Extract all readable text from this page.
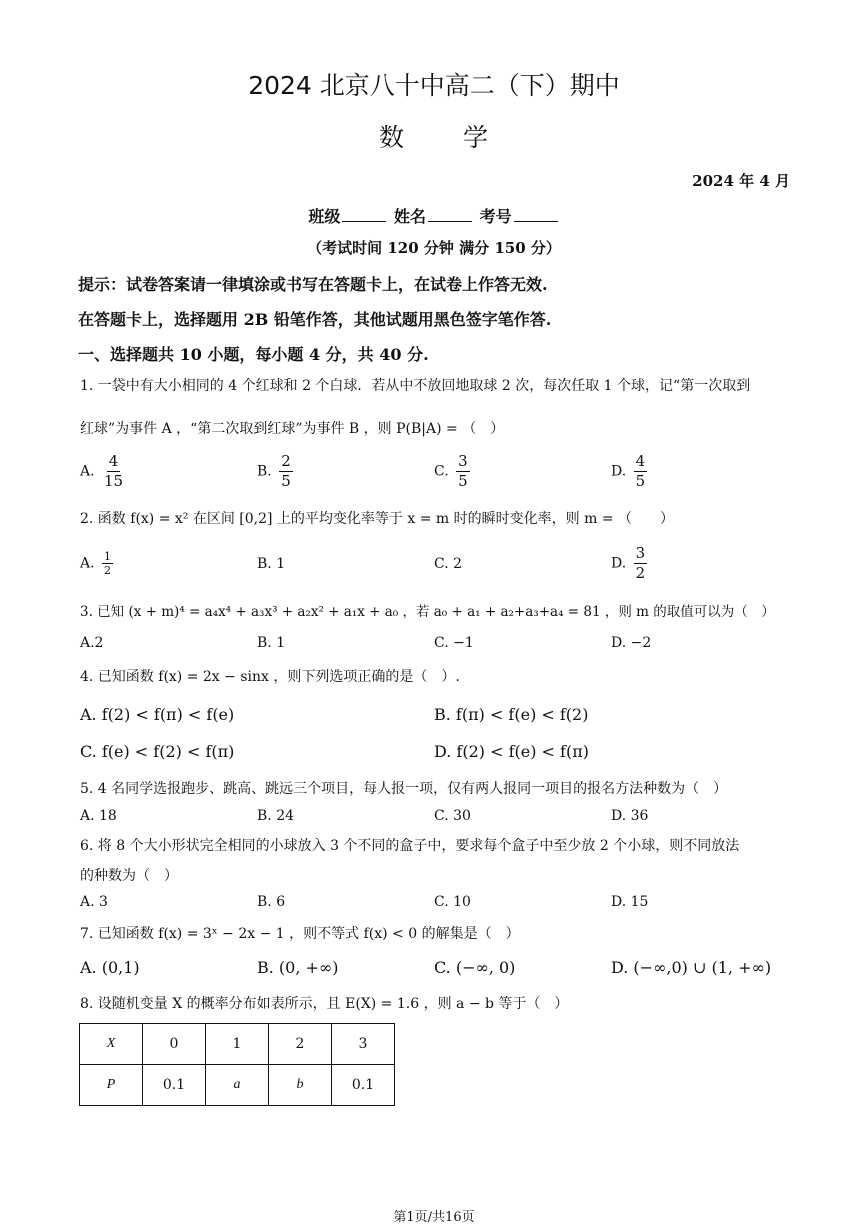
2024 北京八十中高二（下）期中
数 学
2024 年 4 月
班级	姓名	考号
（考试时间 120 分钟 满分 150 分）
提示：试卷答案请一律填涂或书写在答题卡上，在试卷上作答无效.
在答题卡上，选择题用 2B 铅笔作答，其他试题用黑色签字笔作答.
一、选择题共 10 小题，每小题 4 分，共 40 分.
1. 一袋中有大小相同的 4 个红球和 2 个白球．若从中不放回地取球 2 次，每次任取 1 个球，记“第一次取到
红球”为事件 A ，“第二次取到红球”为事件 B ，则 P(B|A) = （　）
A. $\frac{4}{15}$	B. $\frac{2}{5}$	C. $\frac{3}{5}$	D. $\frac{4}{5}$
2. 函数 f(x) = x² 在区间 [0,2] 上的平均变化率等于 x = m 时的瞬时变化率，则 m = （　　）
A. $\frac{1}{2}$	B. 1	C. 2	D. $\frac{3}{2}$
3. 已知 (x + m)⁴ = a₄x⁴ + a₃x³ + a₂x² + a₁x + a₀ ，若 a₀ + a₁ + a₂+a₃+a₄ = 81 ，则 m 的取值可以为（　）
A.2	B. 1	C. −1	D. −2
4. 已知函数 f(x) = 2x − sinx ，则下列选项正确的是（　）.
A. f(2) < f(π) < f(e)	B. f(π) < f(e) < f(2)
C. f(e) < f(2) < f(π)	D. f(2) < f(e) < f(π)
5. 4 名同学选报跑步、跳高、跳远三个项目，每人报一项，仅有两人报同一项目的报名方法种数为（　）
A. 18	B. 24	C. 30	D. 36
6. 将 8 个大小形状完全相同的小球放入 3 个不同的盒子中，要求每个盒子中至少放 2 个小球，则不同放法
的种数为（　）
A. 3	B. 6	C. 10	D. 15
7. 已知函数 f(x) = 3ˣ − 2x − 1 ，则不等式 f(x) < 0 的解集是（　）
A. (0,1)	B. (0, +∞)	C. (−∞, 0)	D. (−∞,0) ∪ (1, +∞)
8. 设随机变量 X 的概率分布如表所示，且 E(X) = 1.6 ，则 a − b 等于（　）
X	0	1	2	3
P	0.1	a	b	0.1
第1页/共16页
